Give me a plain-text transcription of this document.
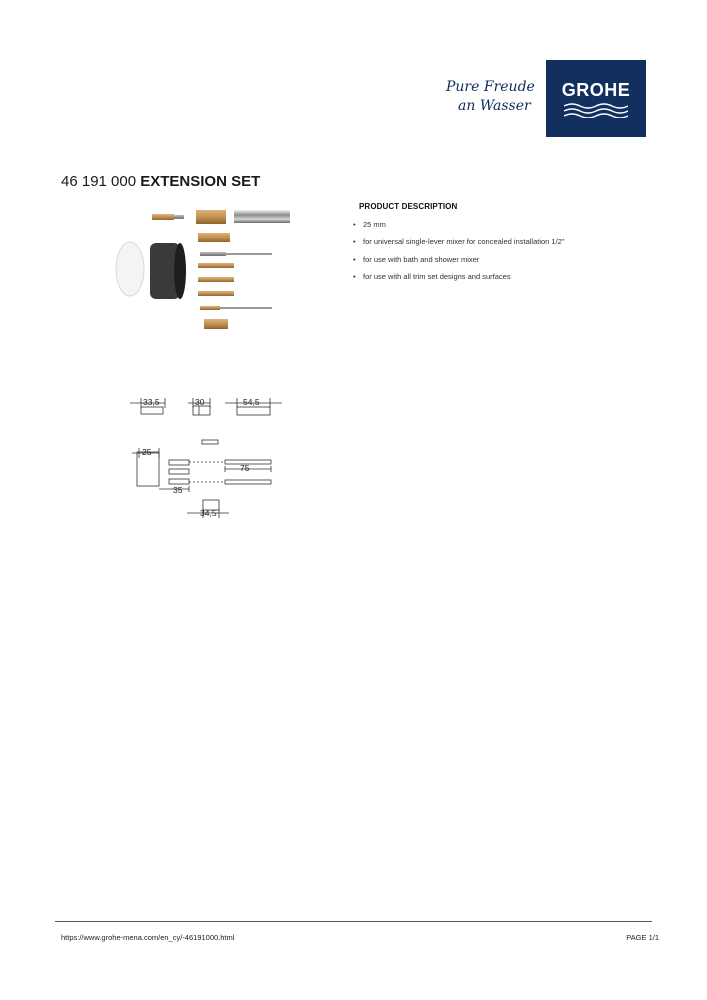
Pure Freude
an Wasser
GROHE
46 191 000 EXTENSION SET
33,5	30	54,5
25
75
35
34,5
PRODUCT DESCRIPTION
• 25 mm
• for universal single-lever mixer for concealed installation 1/2"
• for use with bath and shower mixer
• for use with all trim set designs and surfaces
https://www.grohe-mena.com/en_cy/-46191000.html	PAGE 1/1
